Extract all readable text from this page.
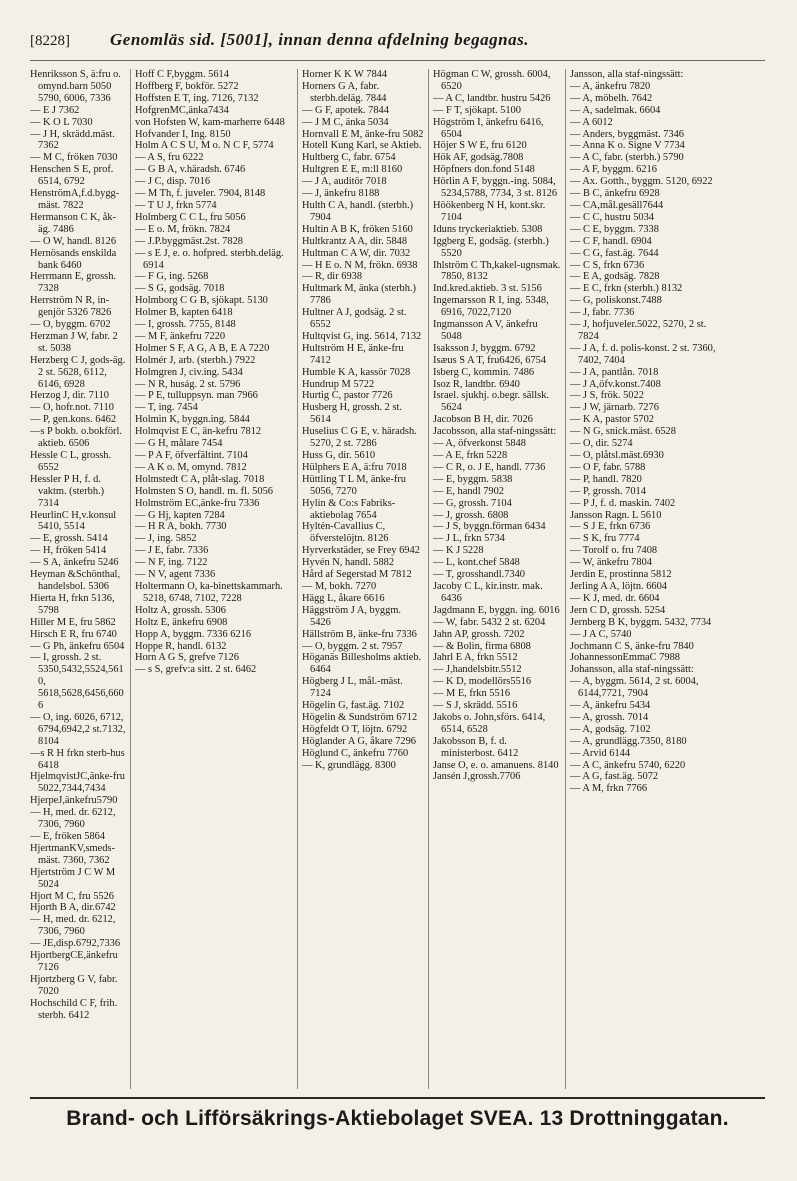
[8228]	Genomläs sid. [5001], innan denna afdelning begagnas.
Henriksson S, ä:fru o. omynd.barn 5050 5790, 6006, 7336
— E J 7362
— K O L 7030
— J H, skrädd.mäst. 7362
— M C, fröken 7030
Henschen S E, prof. 6514, 6792
HenströmA,f.d.bygg-mäst. 7822
Hermanson C K, åk-äg. 7486
— O W, handl. 8126
Hernösands enskilda bank 6460
Herrmann E, grossh. 7328
Herrström N R, in-genjör 5326 7826
— O, byggm. 6702
Herzman J W, fabr. 2 st. 5038
Herzberg C J, gods-äg. 2 st. 5628, 6112, 6146, 6928
Herzog J, dir. 7110
— O, hofr.not. 7110
— P, gen.kons. 6462
—s P bokb. o.bokförl. aktieb. 6506
Hessle C L, grossh. 6552
Hessler P H, f. d. vaktm. (sterbh.) 7314
HeurlinC H,v.konsul 5410, 5514
— E, grossh. 5414
— H, fröken 5414
— S A, änkefru 5246
Heyman &Schönthal, handelsbol. 5306
Hierta H, frkn 5136, 5798
Hiller M E, fru 5862
Hirsch E R, fru 6740
— G Ph, änkefru 6504
— I, grossh. 2 st. 5350,5432,5524,5610, 5618,5628,6456,6606
— O, ing. 6026, 6712, 6794,6942,2 st.7132, 8104
—s R H frkn sterb-hus 6418
HjelmqvistJC,änke-fru 5022,7344,7434
HjerpeJ,änkefru5790
— H, med. dr. 6212, 7306, 7960
— E, fröken 5864
HjertmanKV,smeds-mäst. 7360, 7362
Hjertström J C W M 5024
Hjort M C, fru 5526
Hjorth B A, dir.6742
— H, med. dr. 6212, 7306, 7960
— JE,disp.6792,7336
HjortbergCE,änkefru 7126
Hjortzberg G V, fabr. 7020
Hochschild C F, frih. sterbh. 6412
Hoff C F,byggm. 5614
Hoffberg F, bokför. 5272
Hoffsten E T, ing. 7126, 7132
HofgrenMC,änka7434
von Hofsten W, kam-marherre 6448
Hofvander I, Ing. 8150
Holm A C S U, M o. N C F, 5774
— A S, fru 6222
— G B A, v.häradsh. 6746
— J C, disp. 7016
— M Th, f. juveler. 7904, 8148
— T U J, frkn 5774
Holmberg C C L, fru 5056
— E o. M, frökn. 7824
— J.P.byggmäst.2st. 7828
— s E J, e. o. hofpred. sterbh.deläg. 6914
— F G, ing. 5268
— S G, godsäg. 7018
Holmborg C G B, sjökapt. 5130
Holmer B, kapten 6418
— I, grossh. 7755, 8148
— M F, änkefru 7220
Holmer S F, A G, A B, E A 7220
Holmér J, arb. (sterbh.) 7922
Holmgren J, civ.ing. 5434
— N R, huság. 2 st. 5796
— P E, tulluppsyn. man 7966
— T, ing. 7454
Holmin K, byggn.ing. 5844
Holmqvist E C, än-kefru 7812
— G H, målare 7454
— P A F, öfverfältint. 7104
— A K o. M, omynd. 7812
Holmstedt C A, plåt-slag. 7018
Holmsten S O, handl. m. fl. 5056
Holmström EC,änke-fru 7336
— G Hj, kapten 7284
— H R A, bokh. 7730
— J, ing. 5852
— J E, fabr. 7336
— N F, ing. 7122
— N V, agent 7336
Holtermann O, ka-binettskammarh. 5218, 6748, 7102, 7228
Holtz A, grossh. 5306
Holtz E, änkefru 6908
Hopp A, byggm. 7336 6216
Hoppe R, handl. 6132
Horn A G S, grefve 7126
— s S, grefv:a sitt. 2 st. 6462
Horner K K W 7844
Horners G A, fabr. sterbh.deläg. 7844
— G F, apotek. 7844
— J M C, änka 5034
Hornvall E M, änke-fru 5082
Hotell Kung Karl, se Aktieb.
Hultberg C, fabr. 6754
Hultgren E E, m:ll 8160
— J A, auditör 7018
— J, änkefru 8188
Hulth C A, handl. (sterbh.) 7904
Hultin A B K, fröken 5160
Hultkrantz A A, dir. 5848
Hultman C A W, dir. 7032
— H E o. N M, frökn. 6938
— R, dir 6938
Hultmark M, änka (sterbh.) 7786
Hultner A J, godsäg. 2 st. 6552
Hultqvist G, ing. 5614, 7132
Hultström H E, änke-fru 7412
Humble K A, kassör 7028
Hundrup M 5722
Hurtig C, pastor 7726
Husberg H, grossh. 2 st. 5614
Huselius C G E, v. häradsh. 5270, 2 st. 7286
Huss G, dir. 5610
Hülphers E A, ä:fru 7018
Hüttling T L M, änke-fru 5056, 7270
Hylin & Co:s Fabriks-aktiebolag 7654
Hyltén-Cavallius C, öfverstelöjtn. 8126
Hyrverkstäder, se Frey 6942
Hyvén N, handl. 5882
Hård af Segerstad M 7812
— M, bokh. 7270
Hägg L, åkare 6616
Häggström J A, byggm. 5426
Hällström B, änke-fru 7336
— O, byggm. 2 st. 7957
Höganäs Billesholms aktieb. 6464
Högberg J L, mål.-mäst. 7124
Högelin G, fast.äg. 7102
Högelin & Sundström 6712
Högfeldt O T, löjtn. 6792
Höglander A G, åkare 7296
Höglund C, änkefru 7760
— K, grundlägg. 8300
Högman C W, grossh. 6004, 6520
— A C, landtbr. hustru 5426
— F T, sjökapt. 5100
Högström I, änkefru 6416, 6504
Höjer S W E, fru 6120
Hök AF, godsäg.7808
Höpfners don.fond 5148
Hörlin A F, byggn.-ing. 5084, 5234,5788, 7734, 3 st. 8126
Höökenberg N H, kont.skr. 7104
Iduns tryckeriaktieb. 5308
Iggberg E, godsäg. (sterbh.) 5520
Ihlström C Th,kakel-ugnsmak. 7850, 8132
Ind.kred.aktieb. 3 st. 5156
Ingemarsson R I, ing. 5348, 6916, 7022,7120
Ingmansson A V, änkefru 5048
Isaksson J, byggm. 6792
Isæus S A T, fru6426, 6754
Isberg C, kommin. 7486
Isoz R, landtbr. 6940
Israel. sjukhj. o.begr. sällsk. 5624
Jacobson B H, dir. 7026
Jacobsson, alla staf-ningssätt:
— A, öfverkonst 5848
— A E, frkn 5228
— C R, o. J E, handl. 7736
— E, byggm. 5838
— E, handl 7902
— G, grossh. 7104
— J, grossh. 6808
— J S, byggn.förman 6434
— J L, frkn 5734
— K J 5228
— L, kont.chef 5848
— T, grosshandl.7340
Jacoby C L, kir.instr. mak. 6436
Jagdmann E, byggn. ing. 6016
— W, fabr. 5432 2 st. 6204
Jahn AP, grossh. 7202
— & Bolin, firma 6808
Jahrl E A, frkn 5512
— J,handelsbitr.5512
— K D, modellörs5516
— M E, frkn 5516
— S J, skrädd. 5516
Jakobs o. John,sförs. 6414, 6514, 6528
Jakobsson B, f. d. ministerbost. 6412
Janse O, e. o. amanuens. 8140
Jansén J,grossh.7706
Jansson, alla staf-ningssätt:
— A, änkefru 7820
— A, möbelh. 7642
— A, sadelmak. 6604
— A 6012
— Anders, byggmäst. 7346
— Anna K o. Signe V 7734
— A C, fabr. (sterbh.) 5790
— A F, byggm. 6216
— Ax. Gotth., byggm. 5120, 6922
— B C, änkefru 6928
— CA,mål.gesäll7644
— C C, hustru 5034
— C E, byggm. 7338
— C F, handl. 6904
— C G, fast.äg. 7644
— C S, frkn 6736
— E A, godsäg. 7828
— E C, frkn (sterbh.) 8132
— G, poliskonst.7488
— J, fabr. 7736
— J, hofjuveler.5022, 5270, 2 st. 7824
— J A, f. d. polis-konst. 2 st. 7360, 7402, 7404
— J A, pantlån. 7018
— J A,öfv.konst.7408
— J S, frök. 5022
— J W, järnarb. 7276
— K A, pastor 5702
— N G, snick.mäst. 6528
— O, dir. 5274
— O, plåtsl.mäst.6930
— O F, fabr. 5788
— P, handl. 7820
— P, grossh. 7014
— P J, f. d. maskin. 7402
Jansson Ragn. L 5610
— S J E, frkn 6736
— S K, fru 7774
— Torolf o. fru 7408
— W, änkefru 7804
Jerdin E, prostinna 5812
Jerling A A, löjtn. 6604
— K J, med. dr. 6604
Jern C D, grossh. 5254
Jernberg B K, byggm. 5432, 7734
— J A C, 5740
Jochmann C S, änke-fru 7840
JohannessonEmmaC 7988
Johansson, alla staf-ningssätt:
— A, byggm. 5614, 2 st. 6004, 6144,7721, 7904
— A, änkefru 5434
— A, grossh. 7014
— A, godsäg. 7102
— A, grundlägg.7350, 8180
— Arvid 6144
— A C, änkefru 5740, 6220
— A G, fast.äg. 5072
— A M, frkn 7766
Brand- och Lifförsäkrings-Aktiebolaget SVEA. 13 Drottninggatan.
